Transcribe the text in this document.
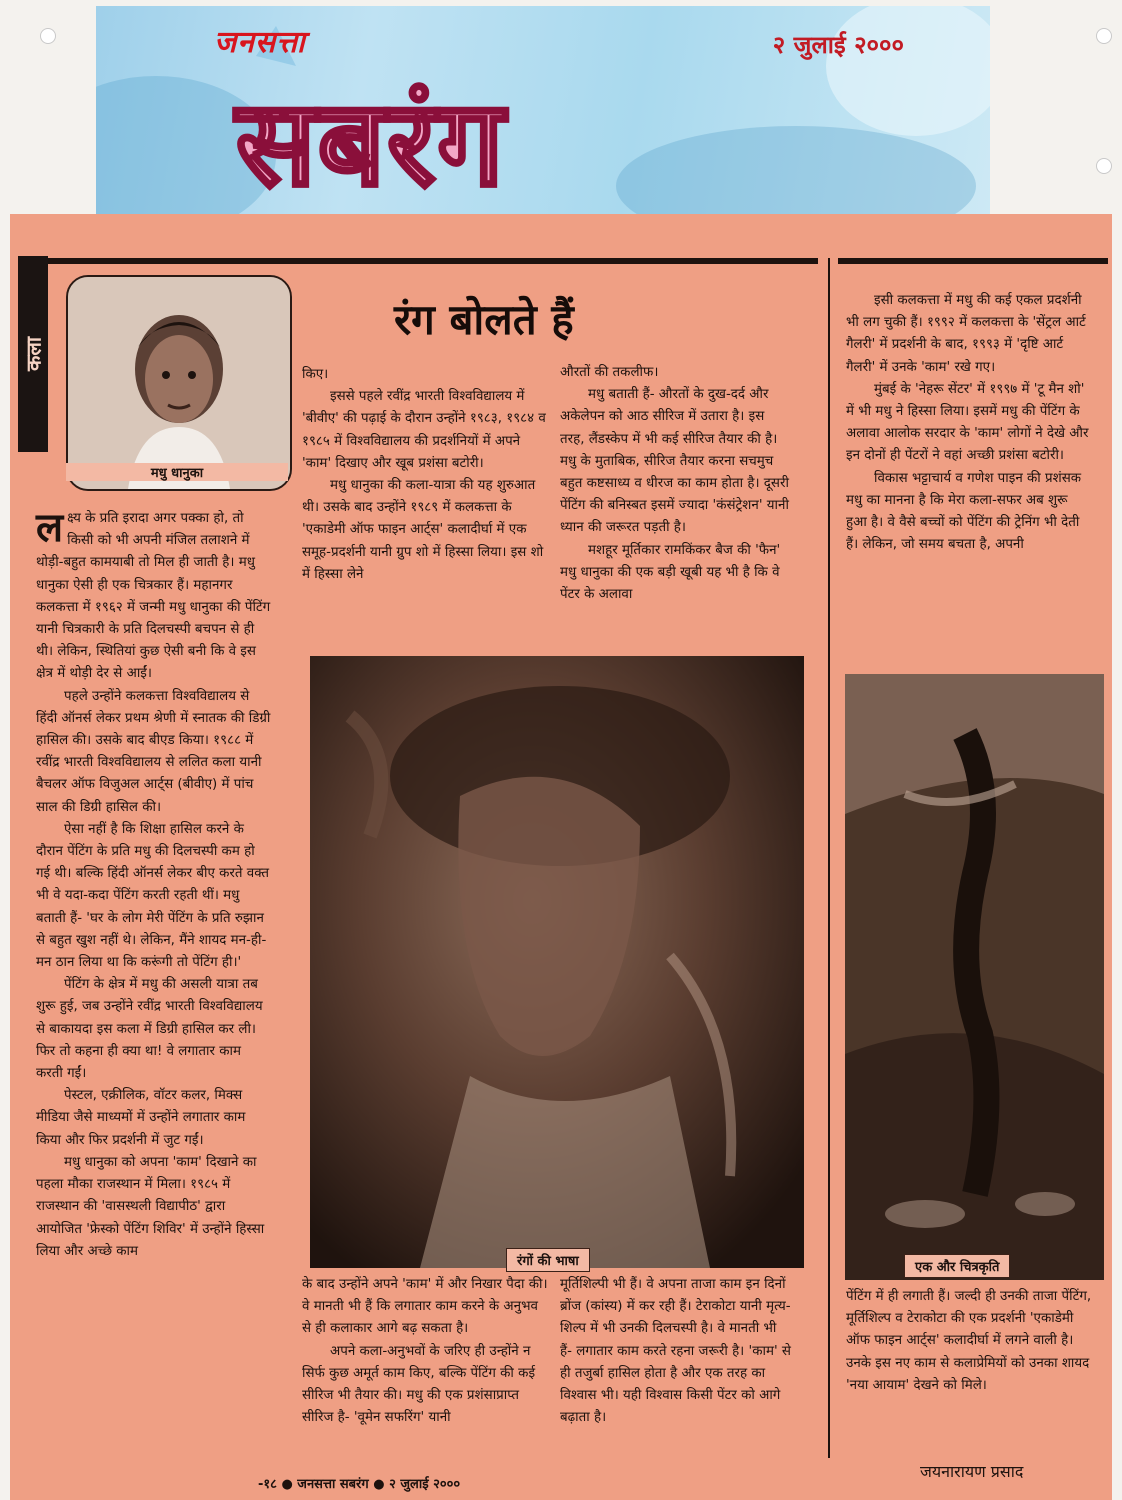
जनसत्ता	२ जुलाई २०००
सबरंग
कला
मधु धानुका
रंग बोलते हैं

लक्ष्य के प्रति इरादा अगर पक्का हो, तो किसी को भी अपनी मंजिल तलाशने में थोड़ी-बहुत कामयाबी तो मिल ही जाती है। मधु धानुका ऐसी ही एक चित्रकार हैं। महानगर कलकत्ता में १९६२ में जन्मी मधु धानुका की पेंटिंग यानी चित्रकारी के प्रति दिलचस्पी बचपन से ही थी। लेकिन, स्थितियां कुछ ऐसी बनी कि वे इस क्षेत्र में थोड़ी देर से आईं।

पहले उन्होंने कलकत्ता विश्वविद्यालय से हिंदी ऑनर्स लेकर प्रथम श्रेणी में स्नातक की डिग्री हासिल की। उसके बाद बीएड किया। १९८८ में रवींद्र भारती विश्वविद्यालय से ललित कला यानी बैचलर ऑफ विजुअल आर्ट्स (बीवीए) में पांच साल की डिग्री हासिल की।

ऐसा नहीं है कि शिक्षा हासिल करने के दौरान पेंटिंग के प्रति मधु की दिलचस्पी कम हो गई थी। बल्कि हिंदी ऑनर्स लेकर बीए करते वक्त भी वे यदा-कदा पेंटिंग करती रहती थीं। मधु बताती हैं- 'घर के लोग मेरी पेंटिंग के प्रति रुझान से बहुत खुश नहीं थे। लेकिन, मैंने शायद मन-ही-मन ठान लिया था कि करूंगी तो पेंटिंग ही।'

पेंटिंग के क्षेत्र में मधु की असली यात्रा तब शुरू हुई, जब उन्होंने रवींद्र भारती विश्वविद्यालय से बाकायदा इस कला में डिग्री हासिल कर ली। फिर तो कहना ही क्या था! वे लगातार काम करती गईं।

पेस्टल, एक्रीलिक, वॉटर कलर, मिक्स मीडिया जैसे माध्यमों में उन्होंने लगातार काम किया और फिर प्रदर्शनी में जुट गईं।

मधु धानुका को अपना 'काम' दिखाने का पहला मौका राजस्थान में मिला। १९८५ में राजस्थान की 'वासस्थली विद्यापीठ' द्वारा आयोजित 'फ्रेस्को पेंटिंग शिविर' में उन्होंने हिस्सा लिया और अच्छे काम

किए।

इससे पहले रवींद्र भारती विश्वविद्यालय में 'बीवीए' की पढ़ाई के दौरान उन्होंने १९८३, १९८४ व १९८५ में विश्वविद्यालय की प्रदर्शनियों में अपने 'काम' दिखाए और खूब प्रशंसा बटोरी।

मधु धानुका की कला-यात्रा की यह शुरुआत थी। उसके बाद उन्होंने १९८९ में कलकत्ता के 'एकाडेमी ऑफ फाइन आर्ट्स' कलादीर्घा में एक समूह-प्रदर्शनी यानी ग्रुप शो में हिस्सा लिया। इस शो में हिस्सा लेने

औरतों की तकलीफ।

मधु बताती हैं- औरतों के दुख-दर्द और अकेलेपन को आठ सीरिज में उतारा है। इस तरह, लैंडस्केप में भी कई सीरिज तैयार की है। मधु के मुताबिक, सीरिज तैयार करना सचमुच बहुत कष्टसाध्य व धीरज का काम होता है। दूसरी पेंटिंग की बनिस्बत इसमें ज्यादा 'कंसंट्रेशन' यानी ध्यान की जरूरत पड़ती है।

मशहूर मूर्तिकार रामकिंकर बैज की 'फैन' मधु धानुका की एक बड़ी खूबी यह भी है कि वे पेंटर के अलावा

रंगों की भाषा

के बाद उन्होंने अपने 'काम' में और निखार पैदा की। वे मानती भी हैं कि लगातार काम करने के अनुभव से ही कलाकार आगे बढ़ सकता है।

अपने कला-अनुभवों के जरिए ही उन्होंने न सिर्फ कुछ अमूर्त काम किए, बल्कि पेंटिंग की कई सीरिज भी तैयार की। मधु की एक प्रशंसाप्राप्त सीरिज है- 'वूमेन सफरिंग' यानी

मूर्तिशिल्पी भी हैं। वे अपना ताजा काम इन दिनों ब्रोंज (कांस्य) में कर रही हैं। टेराकोटा यानी मृत्य-शिल्प में भी उनकी दिलचस्पी है। वे मानती भी हैं- लगातार काम करते रहना जरूरी है। 'काम' से ही तजुर्बा हासिल होता है और एक तरह का विश्वास भी। यही विश्वास किसी पेंटर को आगे बढ़ाता है।

इसी कलकत्ता में मधु की कई एकल प्रदर्शनी भी लग चुकी हैं। १९९२ में कलकत्ता के 'सेंट्रल आर्ट गैलरी' में प्रदर्शनी के बाद, १९९३ में 'दृष्टि आर्ट गैलरी' में उनके 'काम' रखे गए।

मुंबई के 'नेहरू सेंटर' में १९९७ में 'टू मैन शो' में भी मधु ने हिस्सा लिया। इसमें मधु की पेंटिंग के अलावा आलोक सरदार के 'काम' लोगों ने देखे और इन दोनों ही पेंटरों ने वहां अच्छी प्रशंसा बटोरी।

विकास भट्टाचार्य व गणेश पाइन की प्रशंसक मधु का मानना है कि मेरा कला-सफर अब शुरू हुआ है। वे वैसे बच्चों को पेंटिंग की ट्रेनिंग भी देती हैं। लेकिन, जो समय बचता है, अपनी

एक और चित्रकृति

पेंटिंग में ही लगाती हैं। जल्दी ही उनकी ताजा पेंटिंग, मूर्तिशिल्प व टेराकोटा की एक प्रदर्शनी 'एकाडेमी ऑफ फाइन आर्ट्स' कलादीर्घा में लगने वाली है। उनके इस नए काम से कलाप्रेमियों को उनका शायद 'नया आयाम' देखने को मिले।

जयनारायण प्रसाद
-१८ ● जनसत्ता सबरंग ● २ जुलाई २०००
